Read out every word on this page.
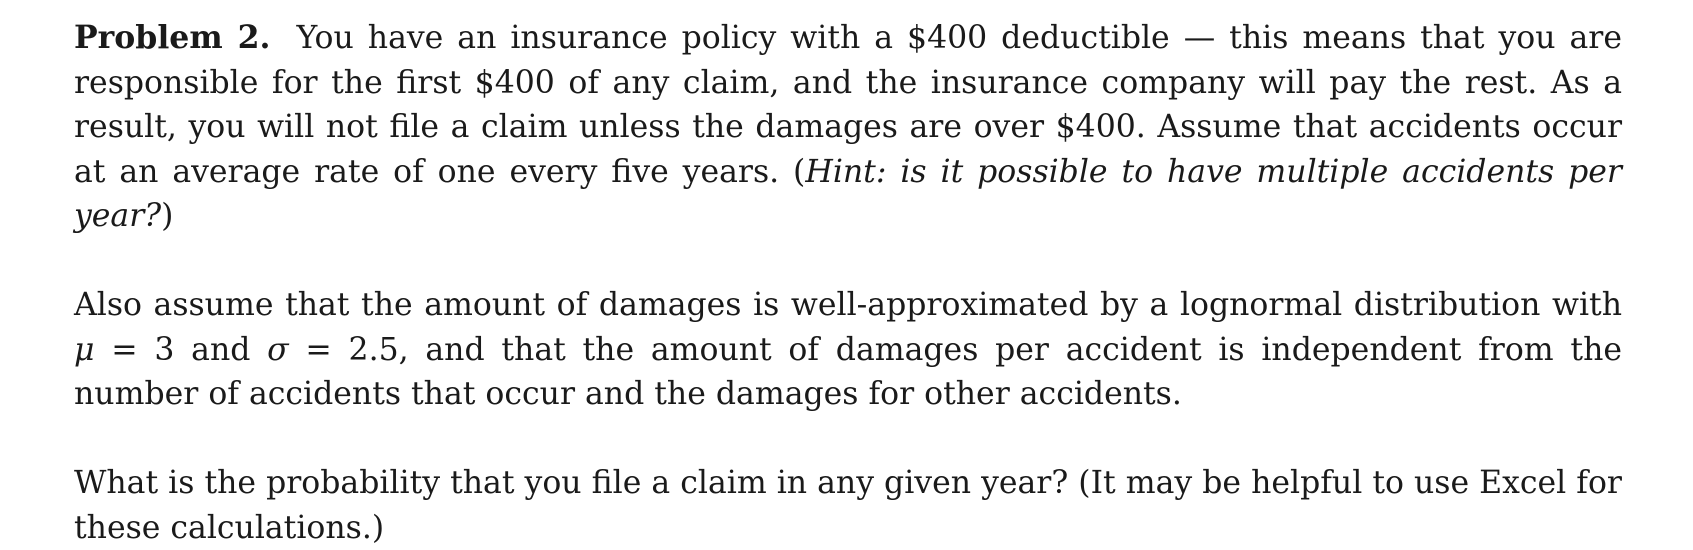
Problem 2. You have an insurance policy with a $400 deductible — this means that you are responsible for the first $400 of any claim, and the insurance company will pay the rest. As a result, you will not file a claim unless the damages are over $400. Assume that accidents occur at an average rate of one every five years. (Hint: is it possible to have multiple accidents per year?)

Also assume that the amount of damages is well-approximated by a lognormal distribution with μ = 3 and σ = 2.5, and that the amount of damages per accident is independent from the number of accidents that occur and the damages for other accidents.

What is the probability that you file a claim in any given year? (It may be helpful to use Excel for these calculations.)
